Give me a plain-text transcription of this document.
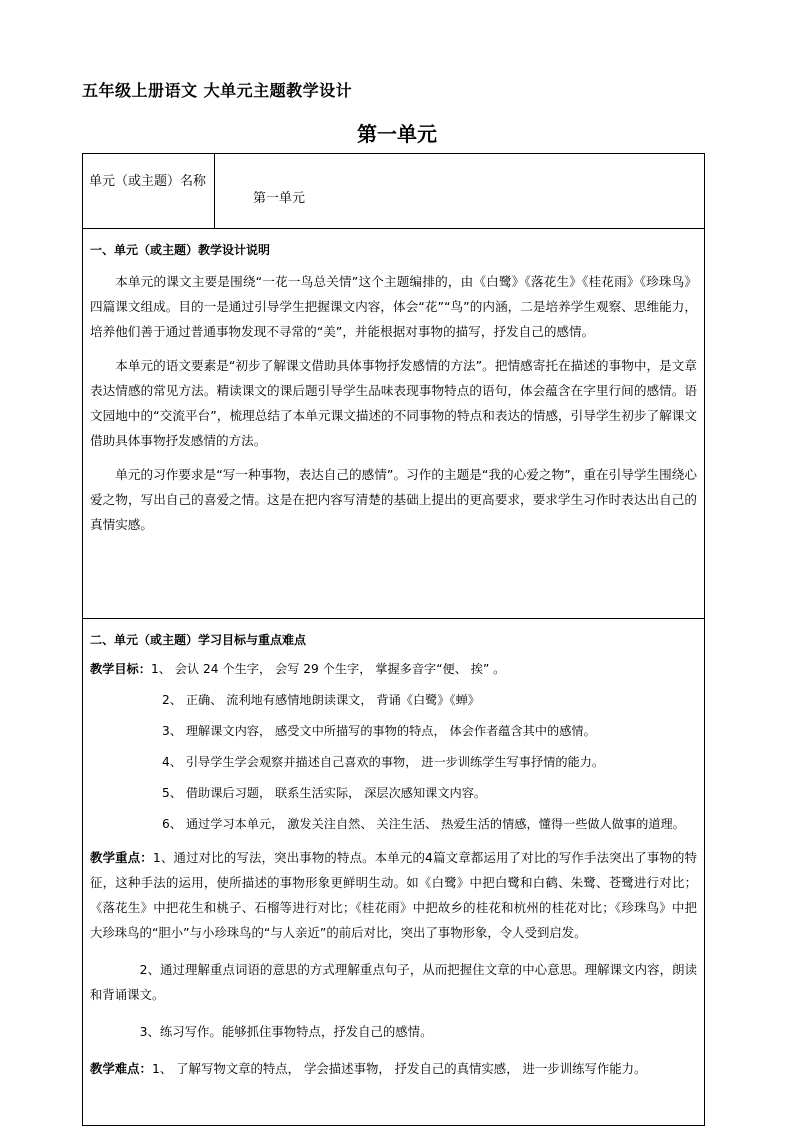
五年级上册语文 大单元主题教学设计
第一单元
单元（或主题）名称
第一单元
一、单元（或主题）教学设计说明

本单元的课文主要是围绕“一花一鸟总关情”这个主题编排的，由《白鹭》《落花生》《桂花雨》《珍珠鸟》四篇课文组成。目的一是通过引导学生把握课文内容，体会“花”“鸟”的内涵，二是培养学生观察、思维能力，培养他们善于通过普通事物发现不寻常的“美”，并能根据对事物的描写，抒发自己的感情。

本单元的语文要素是“初步了解课文借助具体事物抒发感情的方法”。把情感寄托在描述的事物中，是文章表达情感的常见方法。精读课文的课后题引导学生品味表现事物特点的语句，体会蕴含在字里行间的感情。语文园地中的“交流平台”，梳理总结了本单元课文描述的不同事物的特点和表达的情感，引导学生初步了解课文借助具体事物抒发感情的方法。

单元的习作要求是“写一种事物，表达自己的感情”。习作的主题是“我的心爱之物”，重在引导学生围绕心爱之物，写出自己的喜爱之情。这是在把内容写清楚的基础上提出的更高要求，要求学生习作时表达出自己的真情实感。

二、单元（或主题）学习目标与重点难点

教学目标：1、 会认 24 个生字， 会写 29 个生字， 掌握多音字“便、 挨” 。

2、 正确、 流利地有感情地朗读课文， 背诵《白鹭》《蝉》

3、 理解课文内容， 感受文中所描写的事物的特点， 体会作者蕴含其中的感情。

4、 引导学生学会观察并描述自己喜欢的事物， 进一步训练学生写事抒情的能力。

5、 借助课后习题， 联系生活实际， 深层次感知课文内容。

6、 通过学习本单元， 激发关注自然、 关注生活、 热爱生活的情感，懂得一些做人做事的道理。

教学重点：1、通过对比的写法，突出事物的特点。本单元的4篇文章都运用了对比的写作手法突出了事物的特征，这种手法的运用，使所描述的事物形象更鲜明生动。如《白鹭》中把白鹭和白鹤、朱鹭、苍鹭进行对比；《落花生》中把花生和桃子、石榴等进行对比；《桂花雨》中把故乡的桂花和杭州的桂花对比；《珍珠鸟》中把大珍珠鸟的“胆小”与小珍珠鸟的“与人亲近”的前后对比，突出了事物形象，令人受到启发。

2、通过理解重点词语的意思的方式理解重点句子，从而把握住文章的中心意思。理解课文内容，朗读和背诵课文。

3、练习写作。能够抓住事物特点，抒发自己的感情。

教学难点：1、 了解写物文章的特点， 学会描述事物， 抒发自己的真情实感， 进一步训练写作能力。
